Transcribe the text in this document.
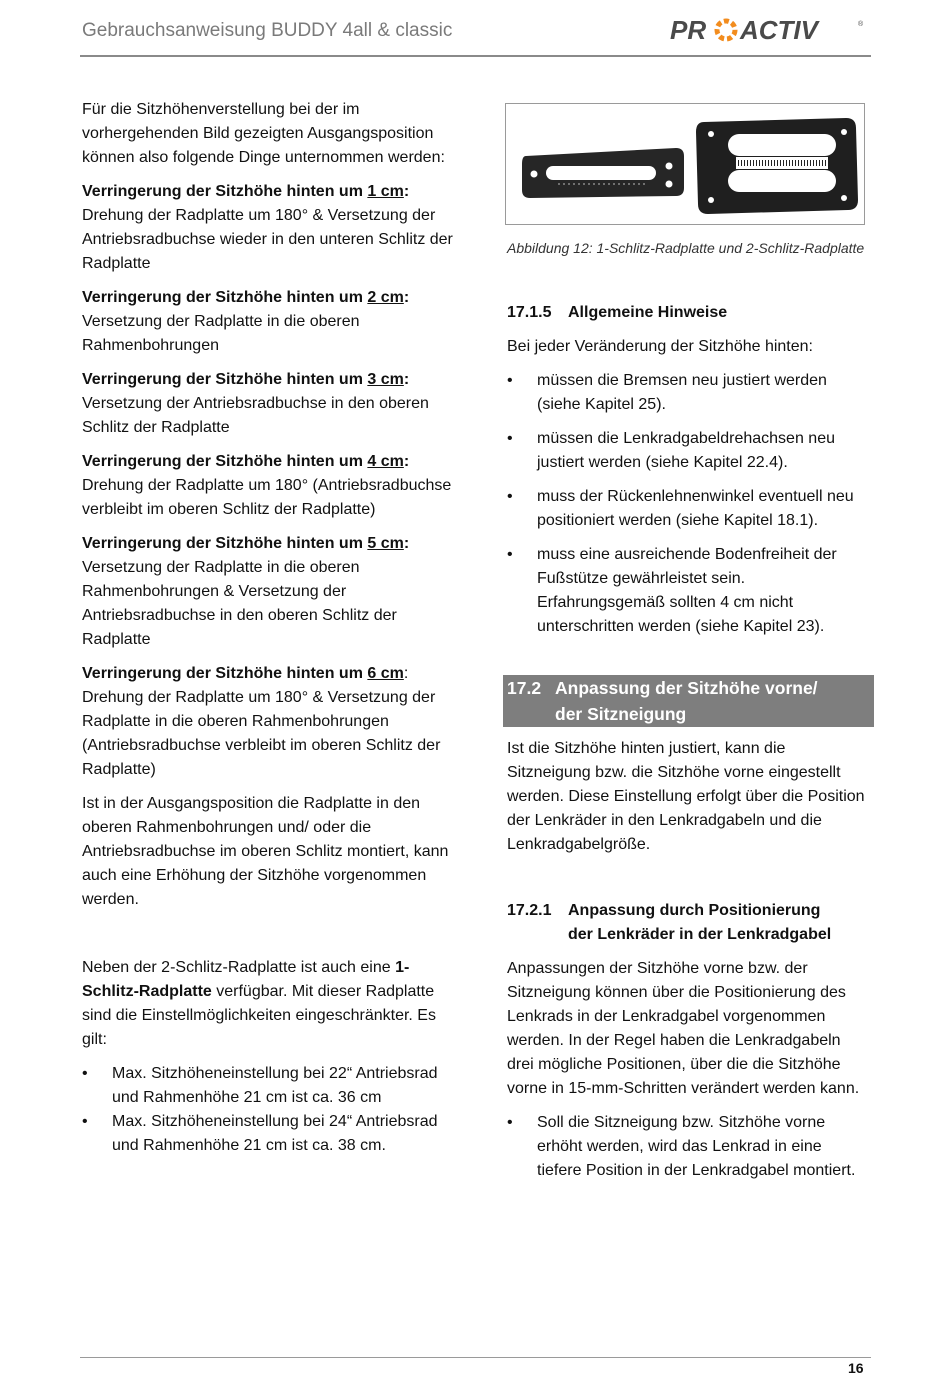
Gebrauchsanweisung BUDDY 4all & classic	PR ACTIV	®

Für die Sitzhöhenverstellung bei der im vorhergehenden Bild gezeigten Ausgangsposition können also folgende Dinge unternommen werden:

Verringerung der Sitzhöhe hinten um 1 cm: Drehung der Radplatte um 180° & Versetzung der Antriebsradbuchse wieder in den unteren Schlitz der Radplatte

Verringerung der Sitzhöhe hinten um 2 cm: Versetzung der Radplatte in die oberen Rahmenbohrungen

Verringerung der Sitzhöhe hinten um 3 cm: Versetzung der Antriebsradbuchse in den oberen Schlitz der Radplatte

Verringerung der Sitzhöhe hinten um 4 cm: Drehung der Radplatte um 180° (Antriebsradbuchse verbleibt im oberen Schlitz der Radplatte)

Verringerung der Sitzhöhe hinten um 5 cm: Versetzung der Radplatte in die oberen Rahmenbohrungen & Versetzung der Antriebsradbuchse in den oberen Schlitz der Radplatte

Verringerung der Sitzhöhe hinten um 6 cm: Drehung der Radplatte um 180° & Versetzung der Radplatte in die oberen Rahmenbohrungen (Antriebsradbuchse verbleibt im oberen Schlitz der Radplatte)

Ist in der Ausgangsposition die Radplatte in den oberen Rahmenbohrungen und/ oder die Antriebsradbuchse im oberen Schlitz montiert, kann auch eine Erhöhung der Sitzhöhe vorgenommen werden.

Neben der 2-Schlitz-Radplatte ist auch eine 1-Schlitz-Radplatte verfügbar. Mit dieser Radplatte sind die Einstellmöglichkeiten eingeschränkter. Es gilt:

• Max. Sitzhöheneinstellung bei 22“ Antriebsrad und Rahmenhöhe 21 cm ist ca. 36 cm
• Max. Sitzhöheneinstellung bei 24“ Antriebsrad und Rahmenhöhe 21 cm ist ca. 38 cm.
Abbildung 12: 1-Schlitz-Radplatte und 2-Schlitz-Radplatte
17.1.5 Allgemeine Hinweise

Bei jeder Veränderung der Sitzhöhe hinten:

• müssen die Bremsen neu justiert werden (siehe Kapitel 25).
• müssen die Lenkradgabeldrehachsen neu justiert werden (siehe Kapitel 22.4).
• muss der Rückenlehnenwinkel eventuell neu positioniert werden (siehe Kapitel 18.1).
• muss eine ausreichende Bodenfreiheit der Fußstütze gewährleistet sein. Erfahrungsgemäß sollten 4 cm nicht unterschritten werden (siehe Kapitel 23).
17.2 Anpassung der Sitzhöhe vorne/
der Sitzneigung

Ist die Sitzhöhe hinten justiert, kann die Sitzneigung bzw. die Sitzhöhe vorne eingestellt werden. Diese Einstellung erfolgt über die Position der Lenkräder in den Lenkradgabeln und die Lenkradgabelgröße.

17.2.1 Anpassung durch Positionierung
der Lenkräder in der Lenkradgabel

Anpassungen der Sitzhöhe vorne bzw. der Sitzneigung können über die Positionierung des Lenkrads in der Lenkradgabel vorgenommen werden. In der Regel haben die Lenkradgabeln drei mögliche Positionen, über die die Sitzhöhe vorne in 15-mm-Schritten verändert werden kann.

• Soll die Sitzneigung bzw. Sitzhöhe vorne erhöht werden, wird das Lenkrad in eine tiefere Position in der Lenkradgabel montiert.
16
